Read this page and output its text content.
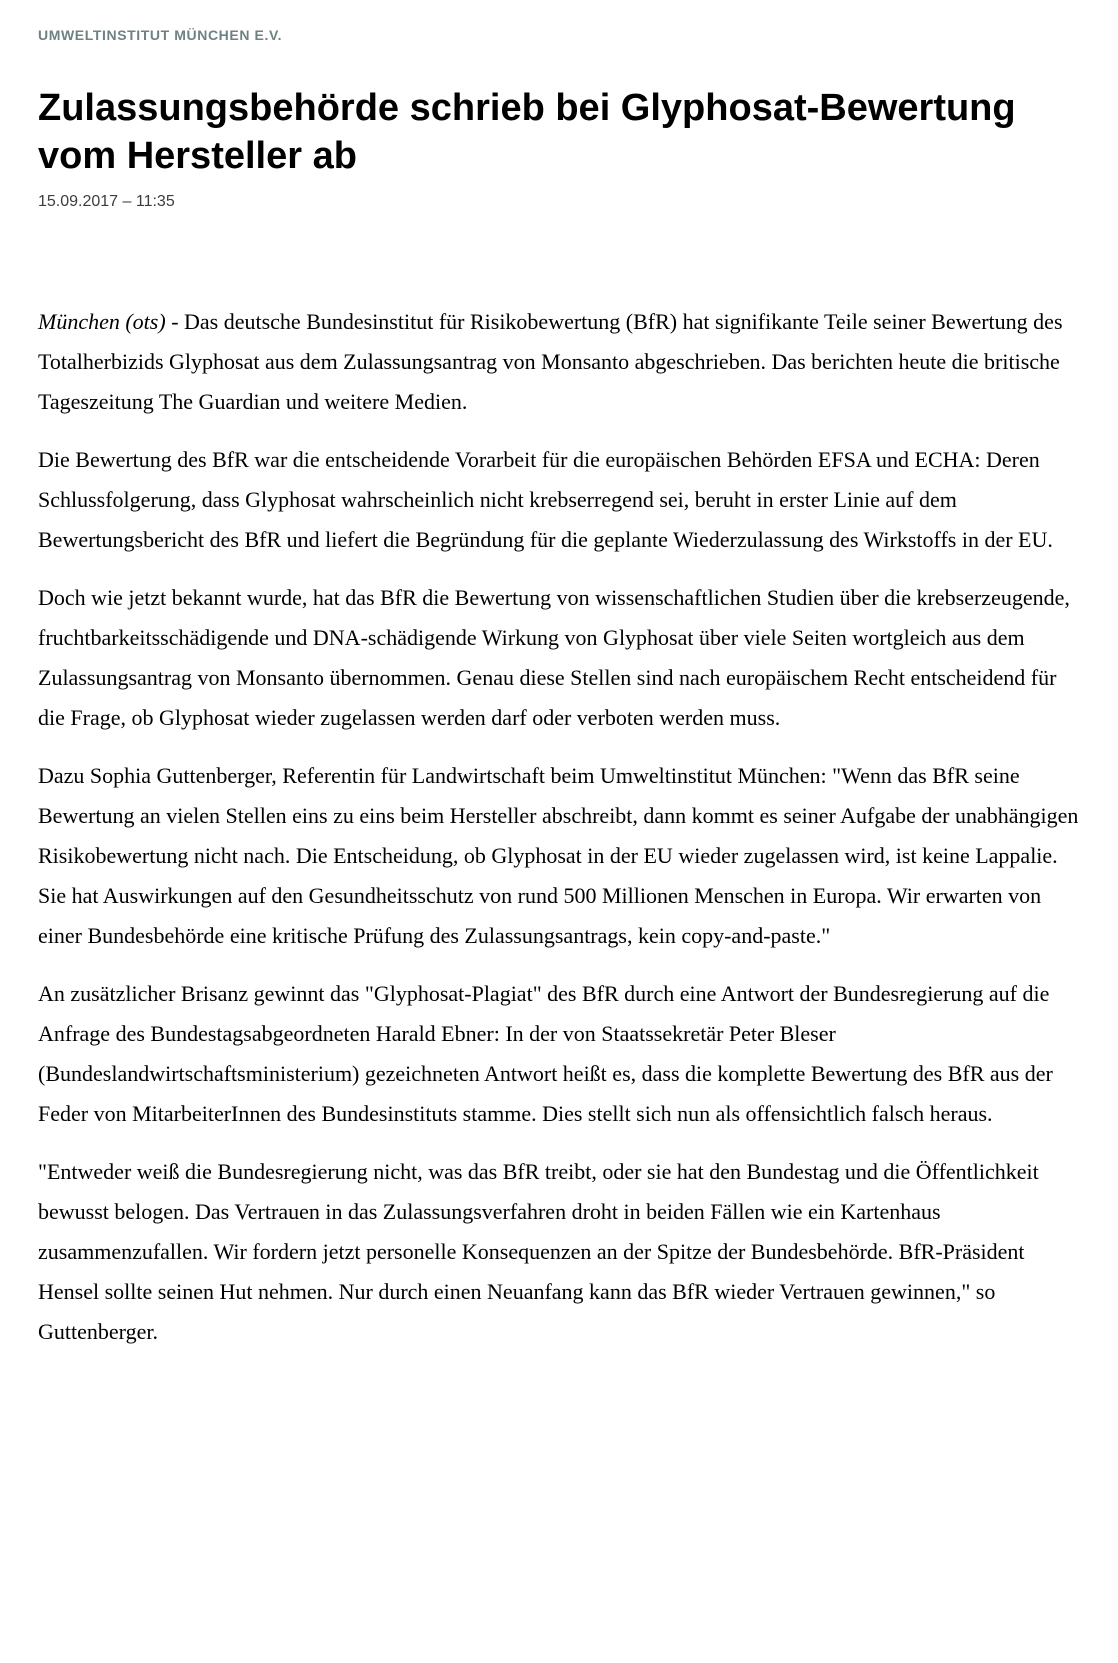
UMWELTINSTITUT MÜNCHEN E.V.
Zulassungsbehörde schrieb bei Glyphosat-Bewertung vom Hersteller ab
15.09.2017 – 11:35

München (ots) - Das deutsche Bundesinstitut für Risikobewertung (BfR) hat signifikante Teile seiner Bewertung des Totalherbizids Glyphosat aus dem Zulassungsantrag von Monsanto abgeschrieben. Das berichten heute die britische Tageszeitung The Guardian und weitere Medien.

Die Bewertung des BfR war die entscheidende Vorarbeit für die europäischen Behörden EFSA und ECHA: Deren Schlussfolgerung, dass Glyphosat wahrscheinlich nicht krebserregend sei, beruht in erster Linie auf dem Bewertungsbericht des BfR und liefert die Begründung für die geplante Wiederzulassung des Wirkstoffs in der EU.

Doch wie jetzt bekannt wurde, hat das BfR die Bewertung von wissenschaftlichen Studien über die krebserzeugende, fruchtbarkeitsschädigende und DNA-schädigende Wirkung von Glyphosat über viele Seiten wortgleich aus dem Zulassungsantrag von Monsanto übernommen. Genau diese Stellen sind nach europäischem Recht entscheidend für die Frage, ob Glyphosat wieder zugelassen werden darf oder verboten werden muss.

Dazu Sophia Guttenberger, Referentin für Landwirtschaft beim Umweltinstitut München: "Wenn das BfR seine Bewertung an vielen Stellen eins zu eins beim Hersteller abschreibt, dann kommt es seiner Aufgabe der unabhängigen Risikobewertung nicht nach. Die Entscheidung, ob Glyphosat in der EU wieder zugelassen wird, ist keine Lappalie. Sie hat Auswirkungen auf den Gesundheitsschutz von rund 500 Millionen Menschen in Europa. Wir erwarten von einer Bundesbehörde eine kritische Prüfung des Zulassungsantrags, kein copy-and-paste."

An zusätzlicher Brisanz gewinnt das "Glyphosat-Plagiat" des BfR durch eine Antwort der Bundesregierung auf die Anfrage des Bundestagsabgeordneten Harald Ebner: In der von Staatssekretär Peter Bleser (Bundeslandwirtschaftsministerium) gezeichneten Antwort heißt es, dass die komplette Bewertung des BfR aus der Feder von MitarbeiterInnen des Bundesinstituts stamme. Dies stellt sich nun als offensichtlich falsch heraus.

"Entweder weiß die Bundesregierung nicht, was das BfR treibt, oder sie hat den Bundestag und die Öffentlichkeit bewusst belogen. Das Vertrauen in das Zulassungsverfahren droht in beiden Fällen wie ein Kartenhaus zusammenzufallen. Wir fordern jetzt personelle Konsequenzen an der Spitze der Bundesbehörde. BfR-Präsident Hensel sollte seinen Hut nehmen. Nur durch einen Neuanfang kann das BfR wieder Vertrauen gewinnen," so Guttenberger.
